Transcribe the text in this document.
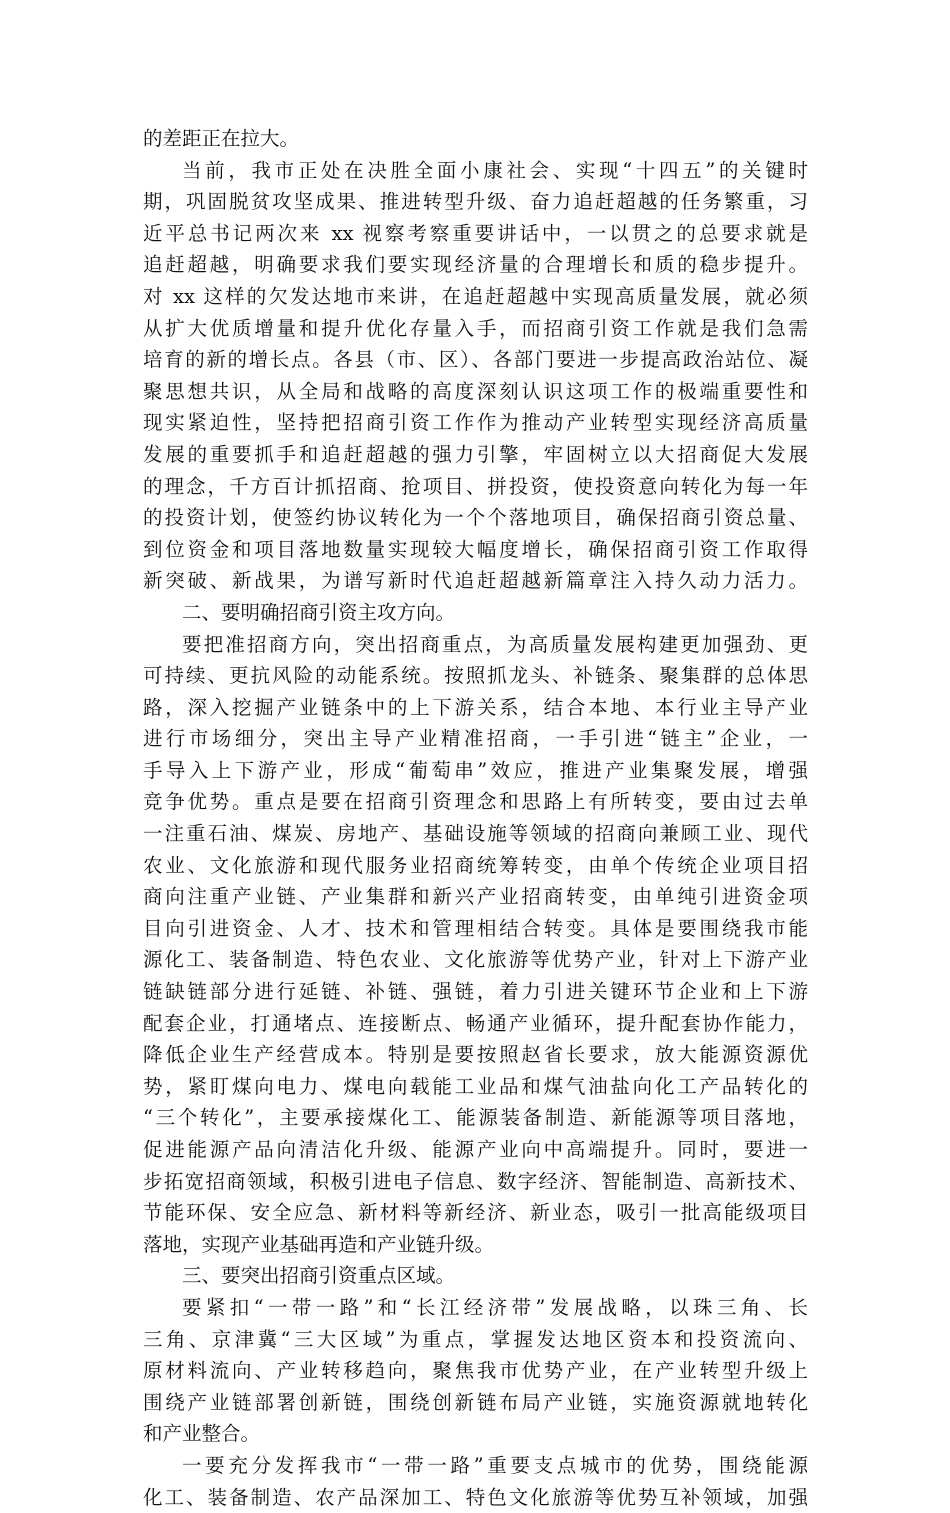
的差距正在拉大。
当前，我市正处在决胜全面小康社会、实现“十四五”的关键时
期，巩固脱贫攻坚成果、推进转型升级、奋力追赶超越的任务繁重，习
近平总书记两次来 xx 视察考察重要讲话中，一以贯之的总要求就是
追赶超越，明确要求我们要实现经济量的合理增长和质的稳步提升。
对 xx 这样的欠发达地市来讲，在追赶超越中实现高质量发展，就必须
从扩大优质增量和提升优化存量入手，而招商引资工作就是我们急需
培育的新的增长点。各县（市、区）、各部门要进一步提高政治站位、凝
聚思想共识，从全局和战略的高度深刻认识这项工作的极端重要性和
现实紧迫性，坚持把招商引资工作作为推动产业转型实现经济高质量
发展的重要抓手和追赶超越的强力引擎，牢固树立以大招商促大发展
的理念，千方百计抓招商、抢项目、拼投资，使投资意向转化为每一年
的投资计划，使签约协议转化为一个个落地项目，确保招商引资总量、
到位资金和项目落地数量实现较大幅度增长，确保招商引资工作取得
新突破、新战果，为谱写新时代追赶超越新篇章注入持久动力活力。
二、要明确招商引资主攻方向。
要把准招商方向，突出招商重点，为高质量发展构建更加强劲、更
可持续、更抗风险的动能系统。按照抓龙头、补链条、聚集群的总体思
路，深入挖掘产业链条中的上下游关系，结合本地、本行业主导产业
进行市场细分，突出主导产业精准招商，一手引进“链主”企业，一
手导入上下游产业，形成“葡萄串”效应，推进产业集聚发展，增强
竞争优势。重点是要在招商引资理念和思路上有所转变，要由过去单
一注重石油、煤炭、房地产、基础设施等领域的招商向兼顾工业、现代
农业、文化旅游和现代服务业招商统筹转变，由单个传统企业项目招
商向注重产业链、产业集群和新兴产业招商转变，由单纯引进资金项
目向引进资金、人才、技术和管理相结合转变。具体是要围绕我市能
源化工、装备制造、特色农业、文化旅游等优势产业，针对上下游产业
链缺链部分进行延链、补链、强链，着力引进关键环节企业和上下游
配套企业，打通堵点、连接断点、畅通产业循环，提升配套协作能力，
降低企业生产经营成本。特别是要按照赵省长要求，放大能源资源优
势，紧盯煤向电力、煤电向载能工业品和煤气油盐向化工产品转化的
“三个转化”，主要承接煤化工、能源装备制造、新能源等项目落地，
促进能源产品向清洁化升级、能源产业向中高端提升。同时，要进一
步拓宽招商领域，积极引进电子信息、数字经济、智能制造、高新技术、
节能环保、安全应急、新材料等新经济、新业态，吸引一批高能级项目
落地，实现产业基础再造和产业链升级。
三、要突出招商引资重点区域。
要紧扣“一带一路”和“长江经济带”发展战略，以珠三角、长
三角、京津冀“三大区域”为重点，掌握发达地区资本和投资流向、
原材料流向、产业转移趋向，聚焦我市优势产业，在产业转型升级上
围绕产业链部署创新链，围绕创新链布局产业链，实施资源就地转化
和产业整合。
一要充分发挥我市“一带一路”重要支点城市的优势，围绕能源
化工、装备制造、农产品深加工、特色文化旅游等优势互补领域，加强
